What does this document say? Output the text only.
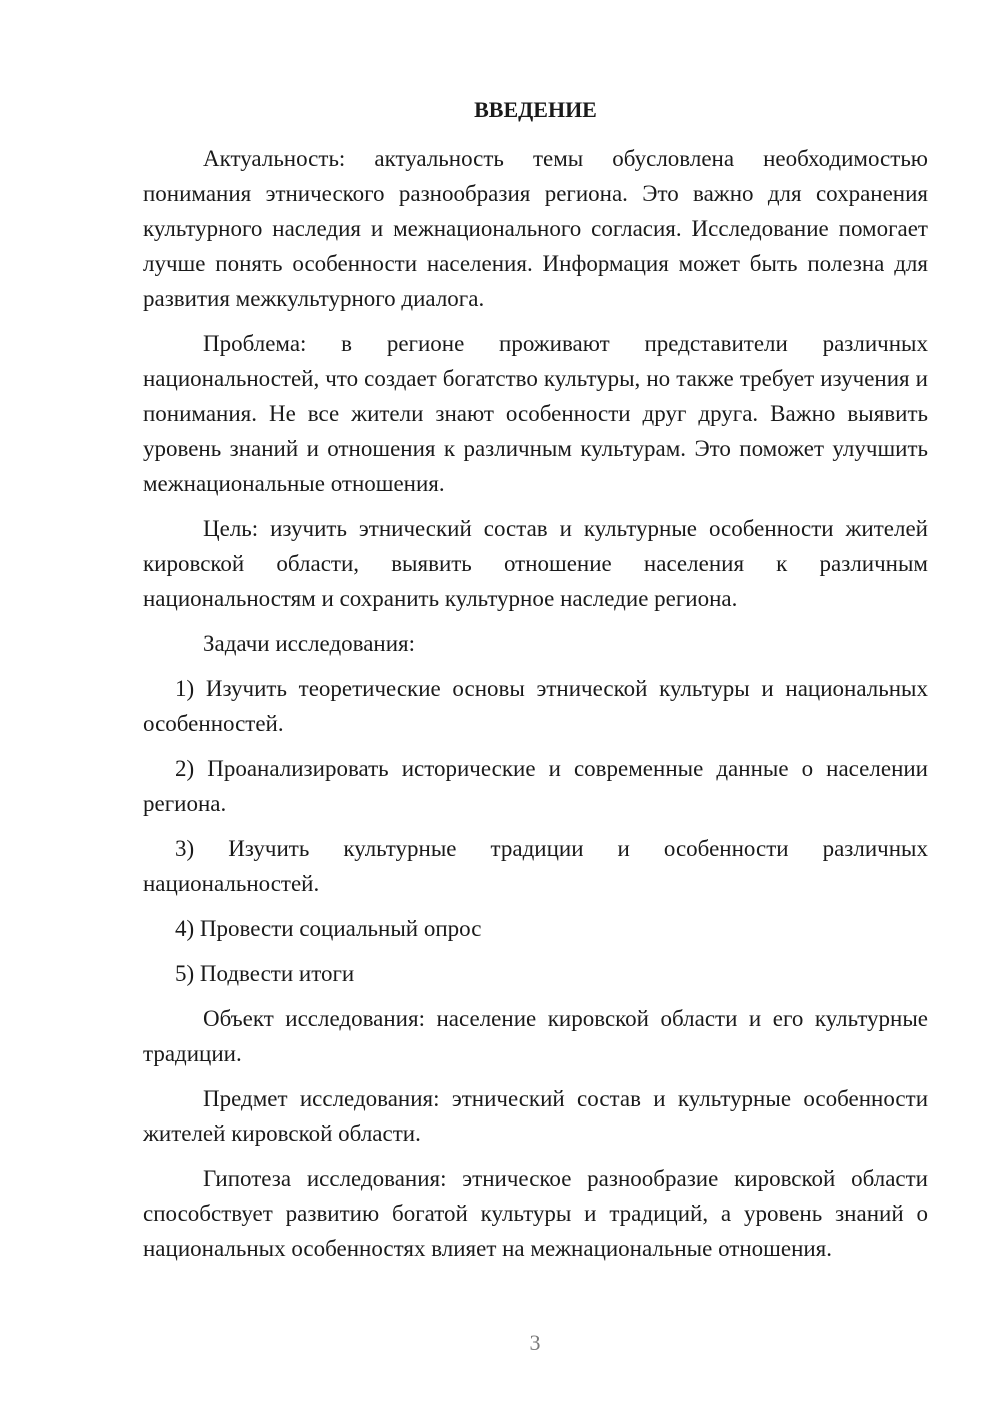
ВВЕДЕНИЕ

Актуальность: актуальность темы обусловлена необходимостью понимания этнического разнообразия региона. Это важно для сохранения культурного наследия и межнационального согласия. Исследование помогает лучше понять особенности населения. Информация может быть полезна для развития межкультурного диалога.

Проблема: в регионе проживают представители различных национальностей, что создает богатство культуры, но также требует изучения и понимания. Не все жители знают особенности друг друга. Важно выявить уровень знаний и отношения к различным культурам. Это поможет улучшить межнациональные отношения.

Цель: изучить этнический состав и культурные особенности жителей кировской области, выявить отношение населения к различным национальностям и сохранить культурное наследие региона.

Задачи исследования:

1) Изучить теоретические основы этнической культуры и национальных особенностей.

2) Проанализировать исторические и современные данные о населении региона.

3) Изучить культурные традиции и особенности различных национальностей.

4) Провести социальный опрос

5) Подвести итоги

Объект исследования: население кировской области и его культурные традиции.

Предмет исследования: этнический состав и культурные особенности жителей кировской области.

Гипотеза исследования: этническое разнообразие кировской области способствует развитию богатой культуры и традиций, а уровень знаний о национальных особенностях влияет на межнациональные отношения.

3
